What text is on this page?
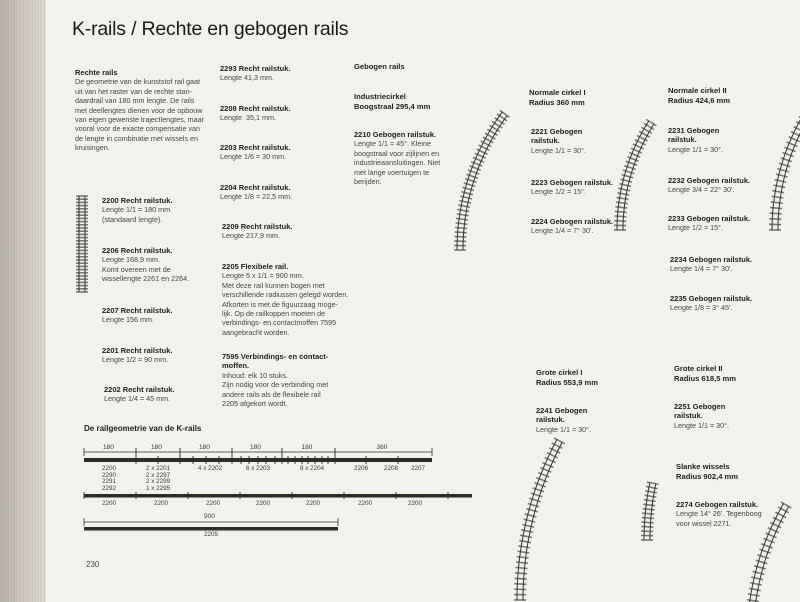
K-rails / Rechte en gebogen rails
Rechte rails
De geometrie van de kunststof rail gaat
uit van het raster van de rechte stan-
daardrail van 180 mm lengte. De rails
met deellengtes dienen voor de opbouw
van eigen gewenste trajectlengtes, maar
vooral voor de exacte compensatie van
de lengte in combinatie met wissels en
kruisingen.
2200 Recht railstuk.
Lengte 1/1 = 180 mm
(standaard lengte).
2206 Recht railstuk.
Lengte 168,9 mm.
Komt overeen met de
wissellengte 2261 en 2264.
2207 Recht railstuk.
Lengte 156 mm.
2201 Recht railstuk.
Lengte 1/2 = 90 mm.
2202 Recht railstuk.
Lengte 1/4 = 45 mm.
2293 Recht railstuk.
Lengte 41,3 mm.
2208 Recht railstuk.
Lengte  35,1 mm.
2203 Recht railstuk.
Lengte 1/6 = 30 mm.
2204 Recht railstuk.
Lengte 1/8 = 22,5 mm.
2209 Recht railstuk.
Lengte 217,9 mm.
2205 Flexibele rail.
Lengte 5 x 1/1 = 900 mm.
Met deze rail kunnen bogen met
verschillende radiussen gelegd worden.
Afkorten is met de figuurzaag moge-
lijk. Op de railkoppen moeten de
verbindings- en contactmoffen 7595
aangebracht worden.
7595 Verbindings- en contact-
moffen.
Inhoud: elk 10 stuks.
Zijn nodig voor de verbinding met
andere rails als de flexibele rail
2205 afgekort wordt.
Gebogen rails
Industriecirkel
Boogstraal 295,4 mm
2210 Gebogen railstuk.
Lengte 1/1 = 45°. Kleine
boogstraal voor zijlijnen en
industrieaansluitingen. Niet
met lange voertuigen te
berijden.
Normale cirkel I
Radius 360 mm
2221 Gebogen
railstuk.
Lengte 1/1 = 30°.
2223 Gebogen railstuk.
Lengte 1/2 = 15°.
2224 Gebogen railstuk.
Lengte 1/4 = 7° 30'.
Grote cirkel I
Radius 553,9 mm
2241 Gebogen
railstuk.
Lengte 1/1 = 30°.
Normale cirkel II
Radius 424,6 mm
2231 Gebogen
railstuk.
Lengte 1/1 = 30°.
2232 Gebogen railstuk.
Lengte 3/4 = 22° 30'.
2233 Gebogen railstuk.
Lengte 1/2 = 15°.
2234 Gebogen railstuk.
Lengte 1/4 = 7° 30'.
2235 Gebogen railstuk.
Lengte 1/8 = 3° 45'.
Grote cirkel II
Radius 618,5 mm
2251 Gebogen
railstuk.
Lengte 1/1 = 30°.
Slanke wissels
Radius 902,4 mm
2274 Gebogen railstuk.
Lengte 14° 26'. Tegenboog
voor wissel 2271.
De railgeometrie van de K-rails
180	180	180	180	180	360
2200
2290
2291
2292
2 x 2201
2 x 2297
2 x 2299
1 x 2295
4 x 2202	6 x 2203	8 x 2204	2206	2208 2207
2200	2200	2200	2200	2200	2200	2200
900
2205
230
